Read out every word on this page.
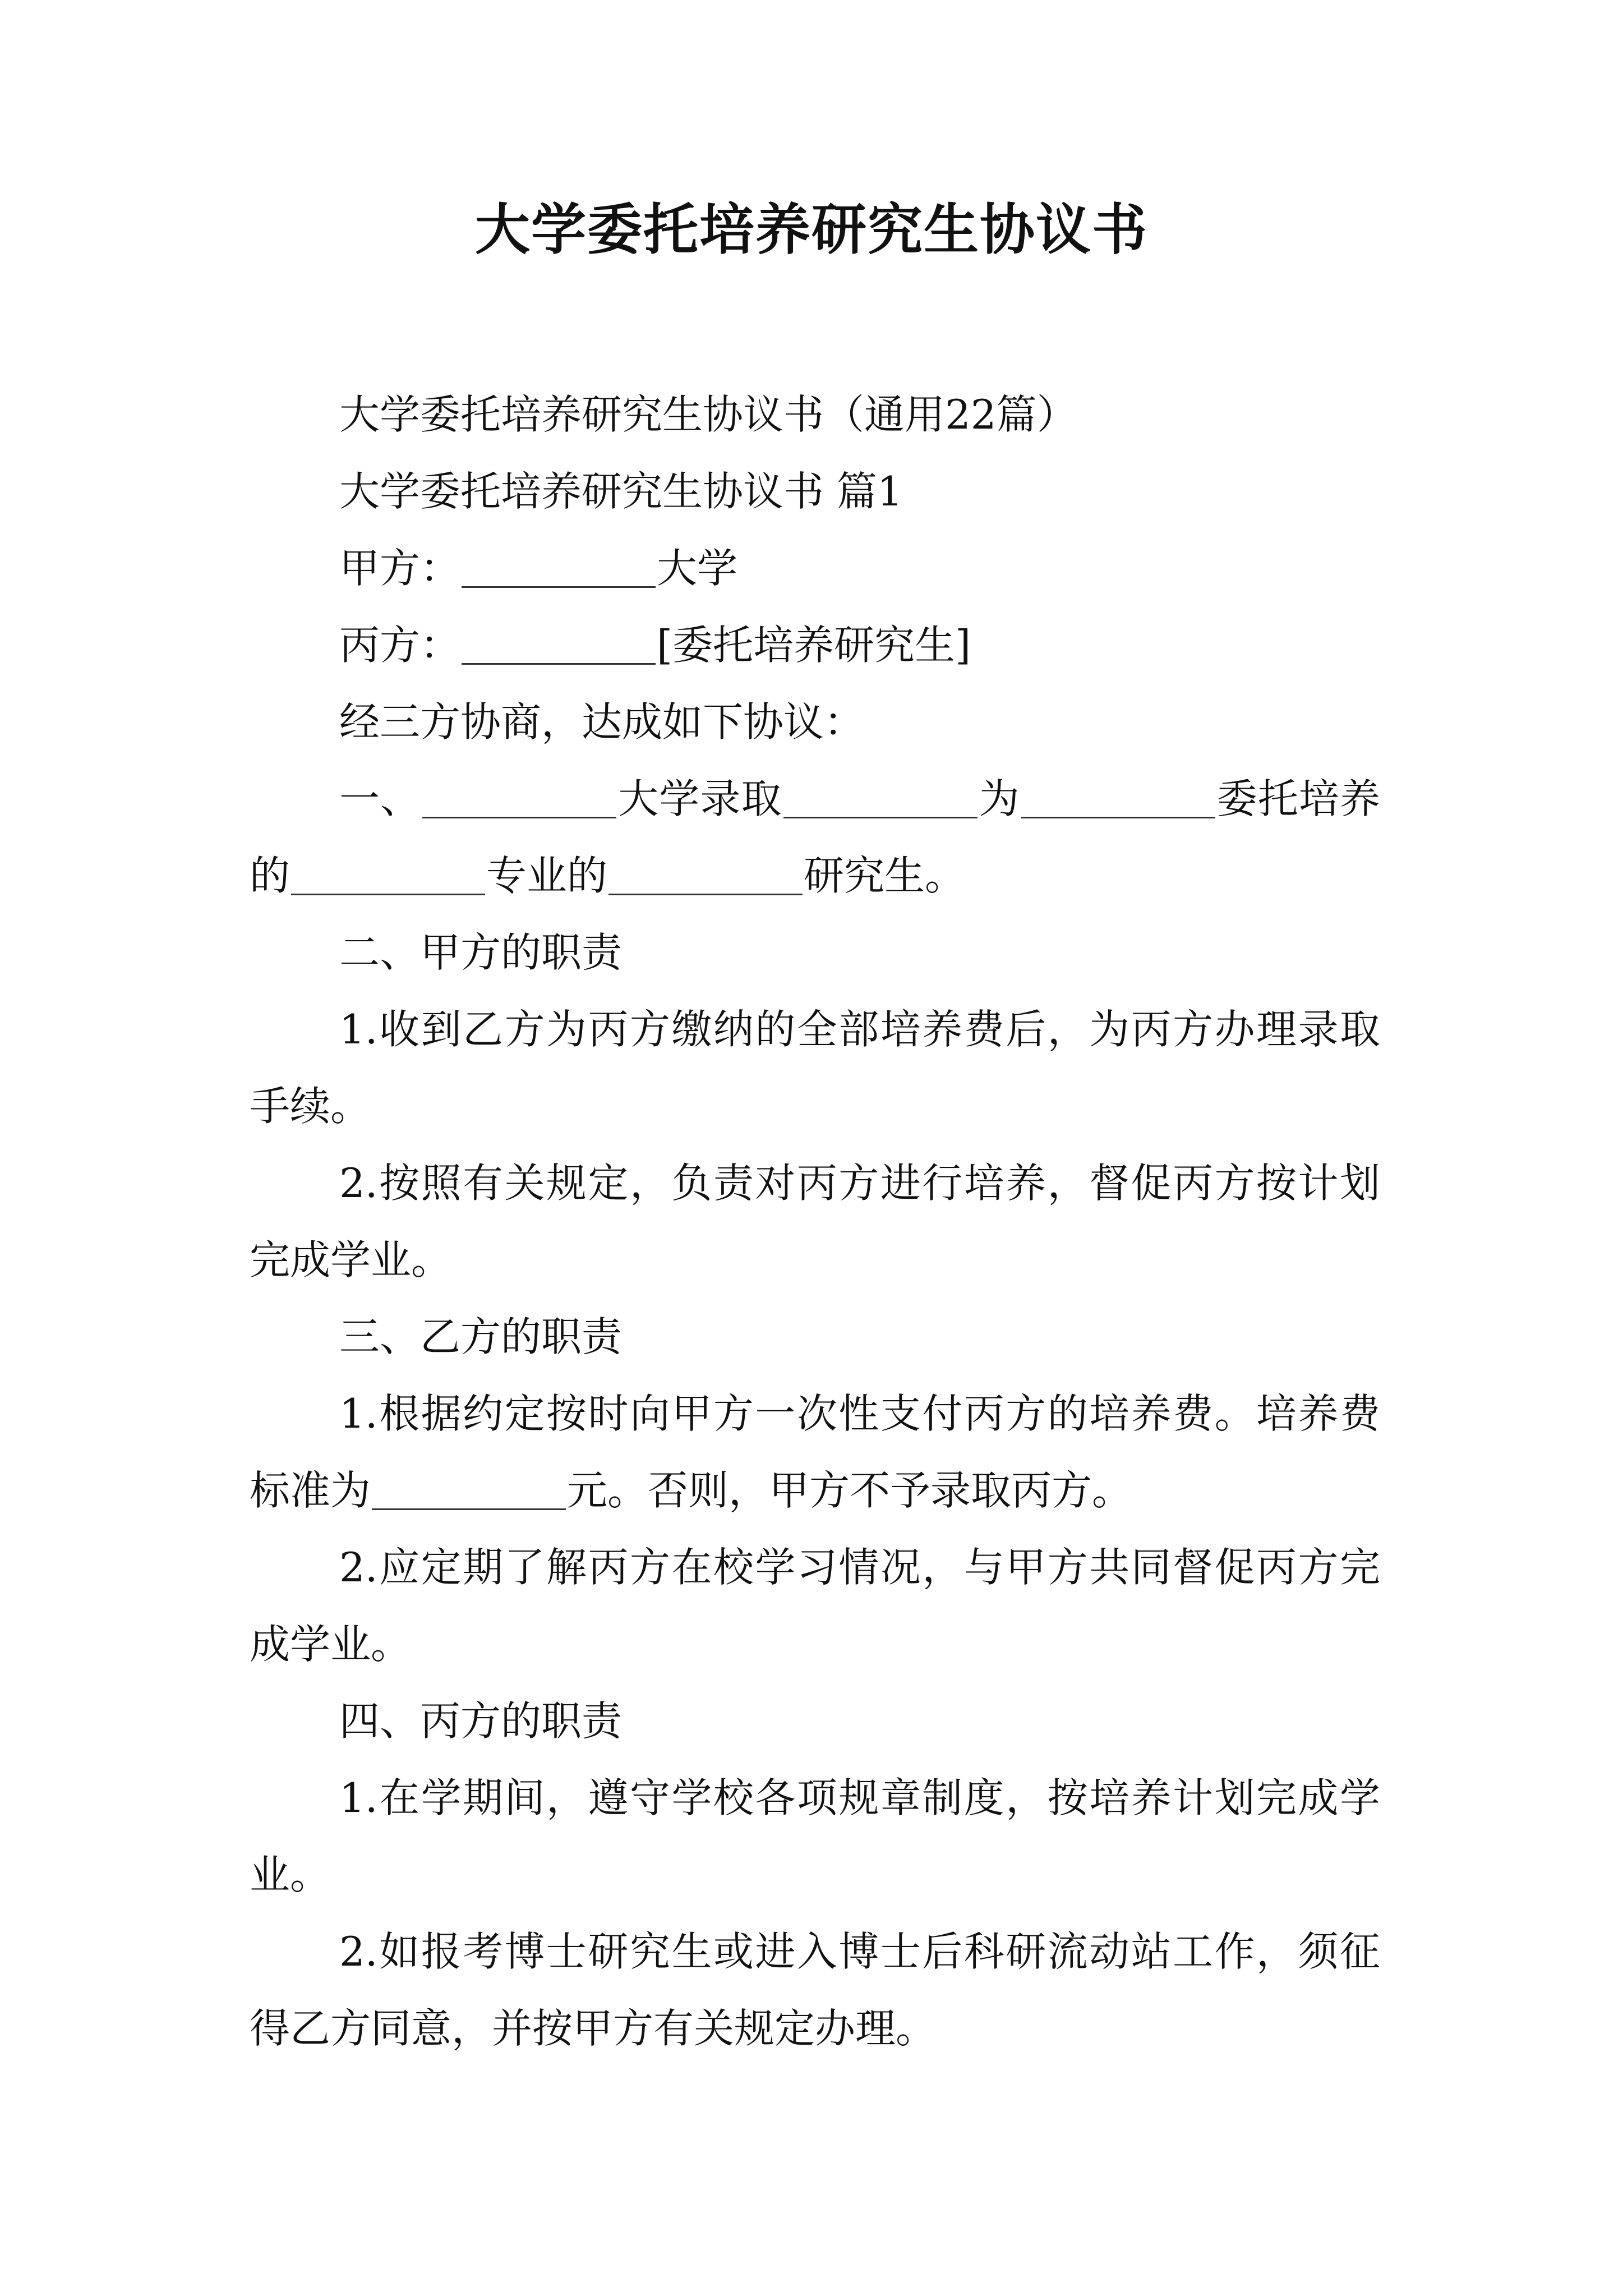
大学委托培养研究生协议书

大学委托培养研究生协议书（通用22篇）

大学委托培养研究生协议书 篇1

甲方：	大学

丙方：	[委托培养研究生]

经三方协商，达成如下协议：

一、	大学录取	为	委托培养的	专业的	研究生。

二、甲方的职责

1.收到乙方为丙方缴纳的全部培养费后，为丙方办理录取手续。

2.按照有关规定，负责对丙方进行培养，督促丙方按计划完成学业。

三、乙方的职责

1.根据约定按时向甲方一次性支付丙方的培养费。培养费标准为	元。否则，甲方不予录取丙方。

2.应定期了解丙方在校学习情况，与甲方共同督促丙方完成学业。

四、丙方的职责

1.在学期间，遵守学校各项规章制度，按培养计划完成学业。

2.如报考博士研究生或进入博士后科研流动站工作，须征得乙方同意，并按甲方有关规定办理。
